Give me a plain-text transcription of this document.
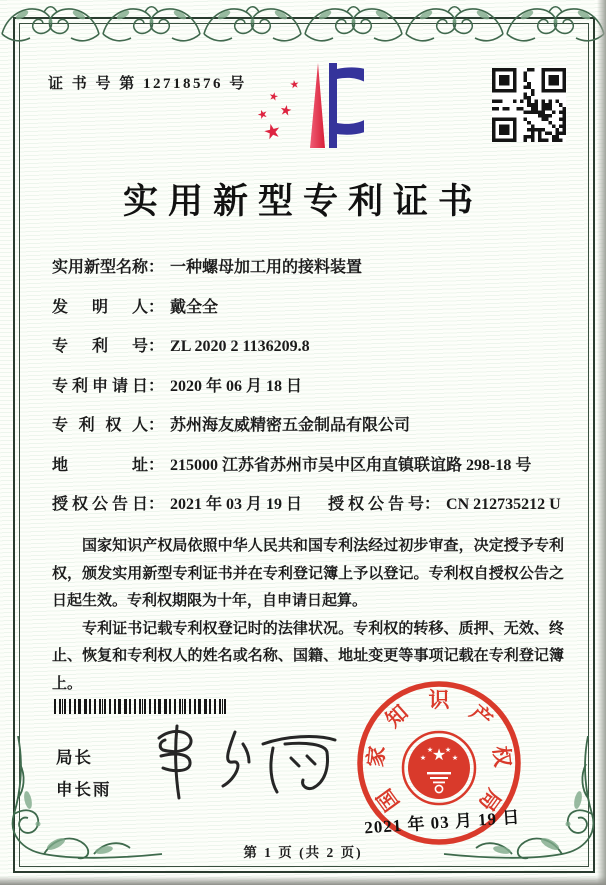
证 书 号 第 12718576 号
★
★
★
★
★
实用新型专利证书
实用新型名称： 一种螺母加工用的接料装置
发明人： 戴全全
专利号： ZL 2020 2 1136209.8
专利申请日： 2020 年 06 月 18 日
专利权人： 苏州海友威精密五金制品有限公司
地址： 215000 江苏省苏州市吴中区甪直镇联谊路 298-18 号
授权公告日： 2021 年 03 月 19 日 授权公告号： CN 212735212 U

国家知识产权局依照中华人民共和国专利法经过初步审查，决定授予专利权，颁发实用新型专利证书并在专利登记簿上予以登记。专利权自授权公告之日起生效。专利权期限为十年，自申请日起算。

专利证书记载专利权登记时的法律状况。专利权的转移、质押、无效、终止、恢复和专利权人的姓名或名称、国籍、地址变更等事项记载在专利登记簿上。

局长
申长雨	国
家
知 识 产
权
局
★
★
★ ★
★
2021 年 03 月 19 日
第 1 页 (共 2 页)
